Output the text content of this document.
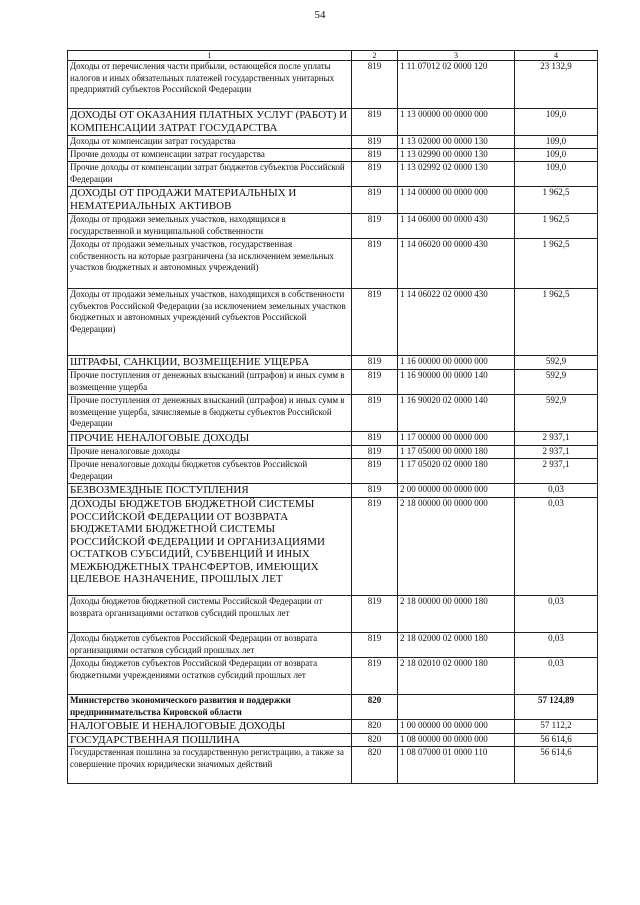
54
1	2	3	4
Доходы от перечисления части прибыли, остающейся после уплаты налогов и иных обязательных платежей государственных унитарных предприятий субъектов Российской Федерации	819	1 11 07012 02 0000 120	23 132,9
ДОХОДЫ ОТ ОКАЗАНИЯ ПЛАТНЫХ УСЛУГ (РАБОТ) И КОМПЕНСАЦИИ ЗАТРАТ ГОСУДАРСТВА	819	1 13 00000 00 0000 000	109,0
Доходы от компенсации затрат государства	819	1 13 02000 00 0000 130	109,0
Прочие доходы от компенсации затрат государства	819	1 13 02990 00 0000 130	109,0
Прочие доходы от компенсации затрат бюджетов субъектов Российской Федерации	819	1 13 02992 02 0000 130	109,0
ДОХОДЫ ОТ ПРОДАЖИ МАТЕРИАЛЬНЫХ И НЕМАТЕРИАЛЬНЫХ АКТИВОВ	819	1 14 00000 00 0000 000	1 962,5
Доходы от продажи земельных участков, находящихся в государственной и муниципальной собственности	819	1 14 06000 00 0000 430	1 962,5
Доходы от продажи земельных участков, государственная собственность на которые разграничена (за исключением земельных участков бюджетных и автономных учреждений)	819	1 14 06020 00 0000 430	1 962,5
Доходы от продажи земельных участков, находящихся в собственности субъектов Российской Федерации (за исключением земельных участков бюджетных и автономных учреждений субъектов Российской Федерации)	819	1 14 06022 02 0000 430	1 962,5
ШТРАФЫ, САНКЦИИ, ВОЗМЕЩЕНИЕ УЩЕРБА	819	1 16 00000 00 0000 000	592,9
Прочие поступления от денежных взысканий (штрафов) и иных сумм в возмещение ущерба	819	1 16 90000 00 0000 140	592,9
Прочие поступления от денежных взысканий (штрафов) и иных сумм в возмещение ущерба, зачисляемые в бюджеты субъектов Российской Федерации	819	1 16 90020 02 0000 140	592,9
ПРОЧИЕ НЕНАЛОГОВЫЕ ДОХОДЫ	819	1 17 00000 00 0000 000	2 937,1
Прочие неналоговые доходы	819	1 17 05000 00 0000 180	2 937,1
Прочие неналоговые доходы бюджетов субъектов Российской Федерации	819	1 17 05020 02 0000 180	2 937,1
БЕЗВОЗМЕЗДНЫЕ ПОСТУПЛЕНИЯ	819	2 00 00000 00 0000 000	0,03
ДОХОДЫ БЮДЖЕТОВ БЮДЖЕТНОЙ СИСТЕМЫ РОССИЙСКОЙ ФЕДЕРАЦИИ ОТ ВОЗВРАТА БЮДЖЕТАМИ БЮДЖЕТНОЙ СИСТЕМЫ РОССИЙСКОЙ ФЕДЕРАЦИИ И ОРГАНИЗАЦИЯМИ ОСТАТКОВ СУБСИДИЙ, СУБВЕНЦИЙ И ИНЫХ МЕЖБЮДЖЕТНЫХ ТРАНСФЕРТОВ, ИМЕЮЩИХ ЦЕЛЕВОЕ НАЗНАЧЕНИЕ, ПРОШЛЫХ ЛЕТ	819	2 18 00000 00 0000 000	0,03
Доходы бюджетов бюджетной системы Российской Федерации от возврата организациями остатков субсидий прошлых лет	819	2 18 00000 00 0000 180	0,03
Доходы бюджетов субъектов Российской Федерации от возврата организациями остатков субсидий прошлых лет	819	2 18 02000 02 0000 180	0,03
Доходы бюджетов субъектов Российской Федерации от возврата бюджетными учреждениями остатков субсидий прошлых лет	819	2 18 02010 02 0000 180	0,03
Министерство экономического развития и поддержки предпринимательства Кировской области	820		57 124,89
НАЛОГОВЫЕ И НЕНАЛОГОВЫЕ ДОХОДЫ	820	1 00 00000 00 0000 000	57 112,2
ГОСУДАРСТВЕННАЯ ПОШЛИНА	820	1 08 00000 00 0000 000	56 614,6
Государственная пошлина за государственную регистрацию, а также за совершение прочих юридически значимых действий	820	1 08 07000 01 0000 110	56 614,6
